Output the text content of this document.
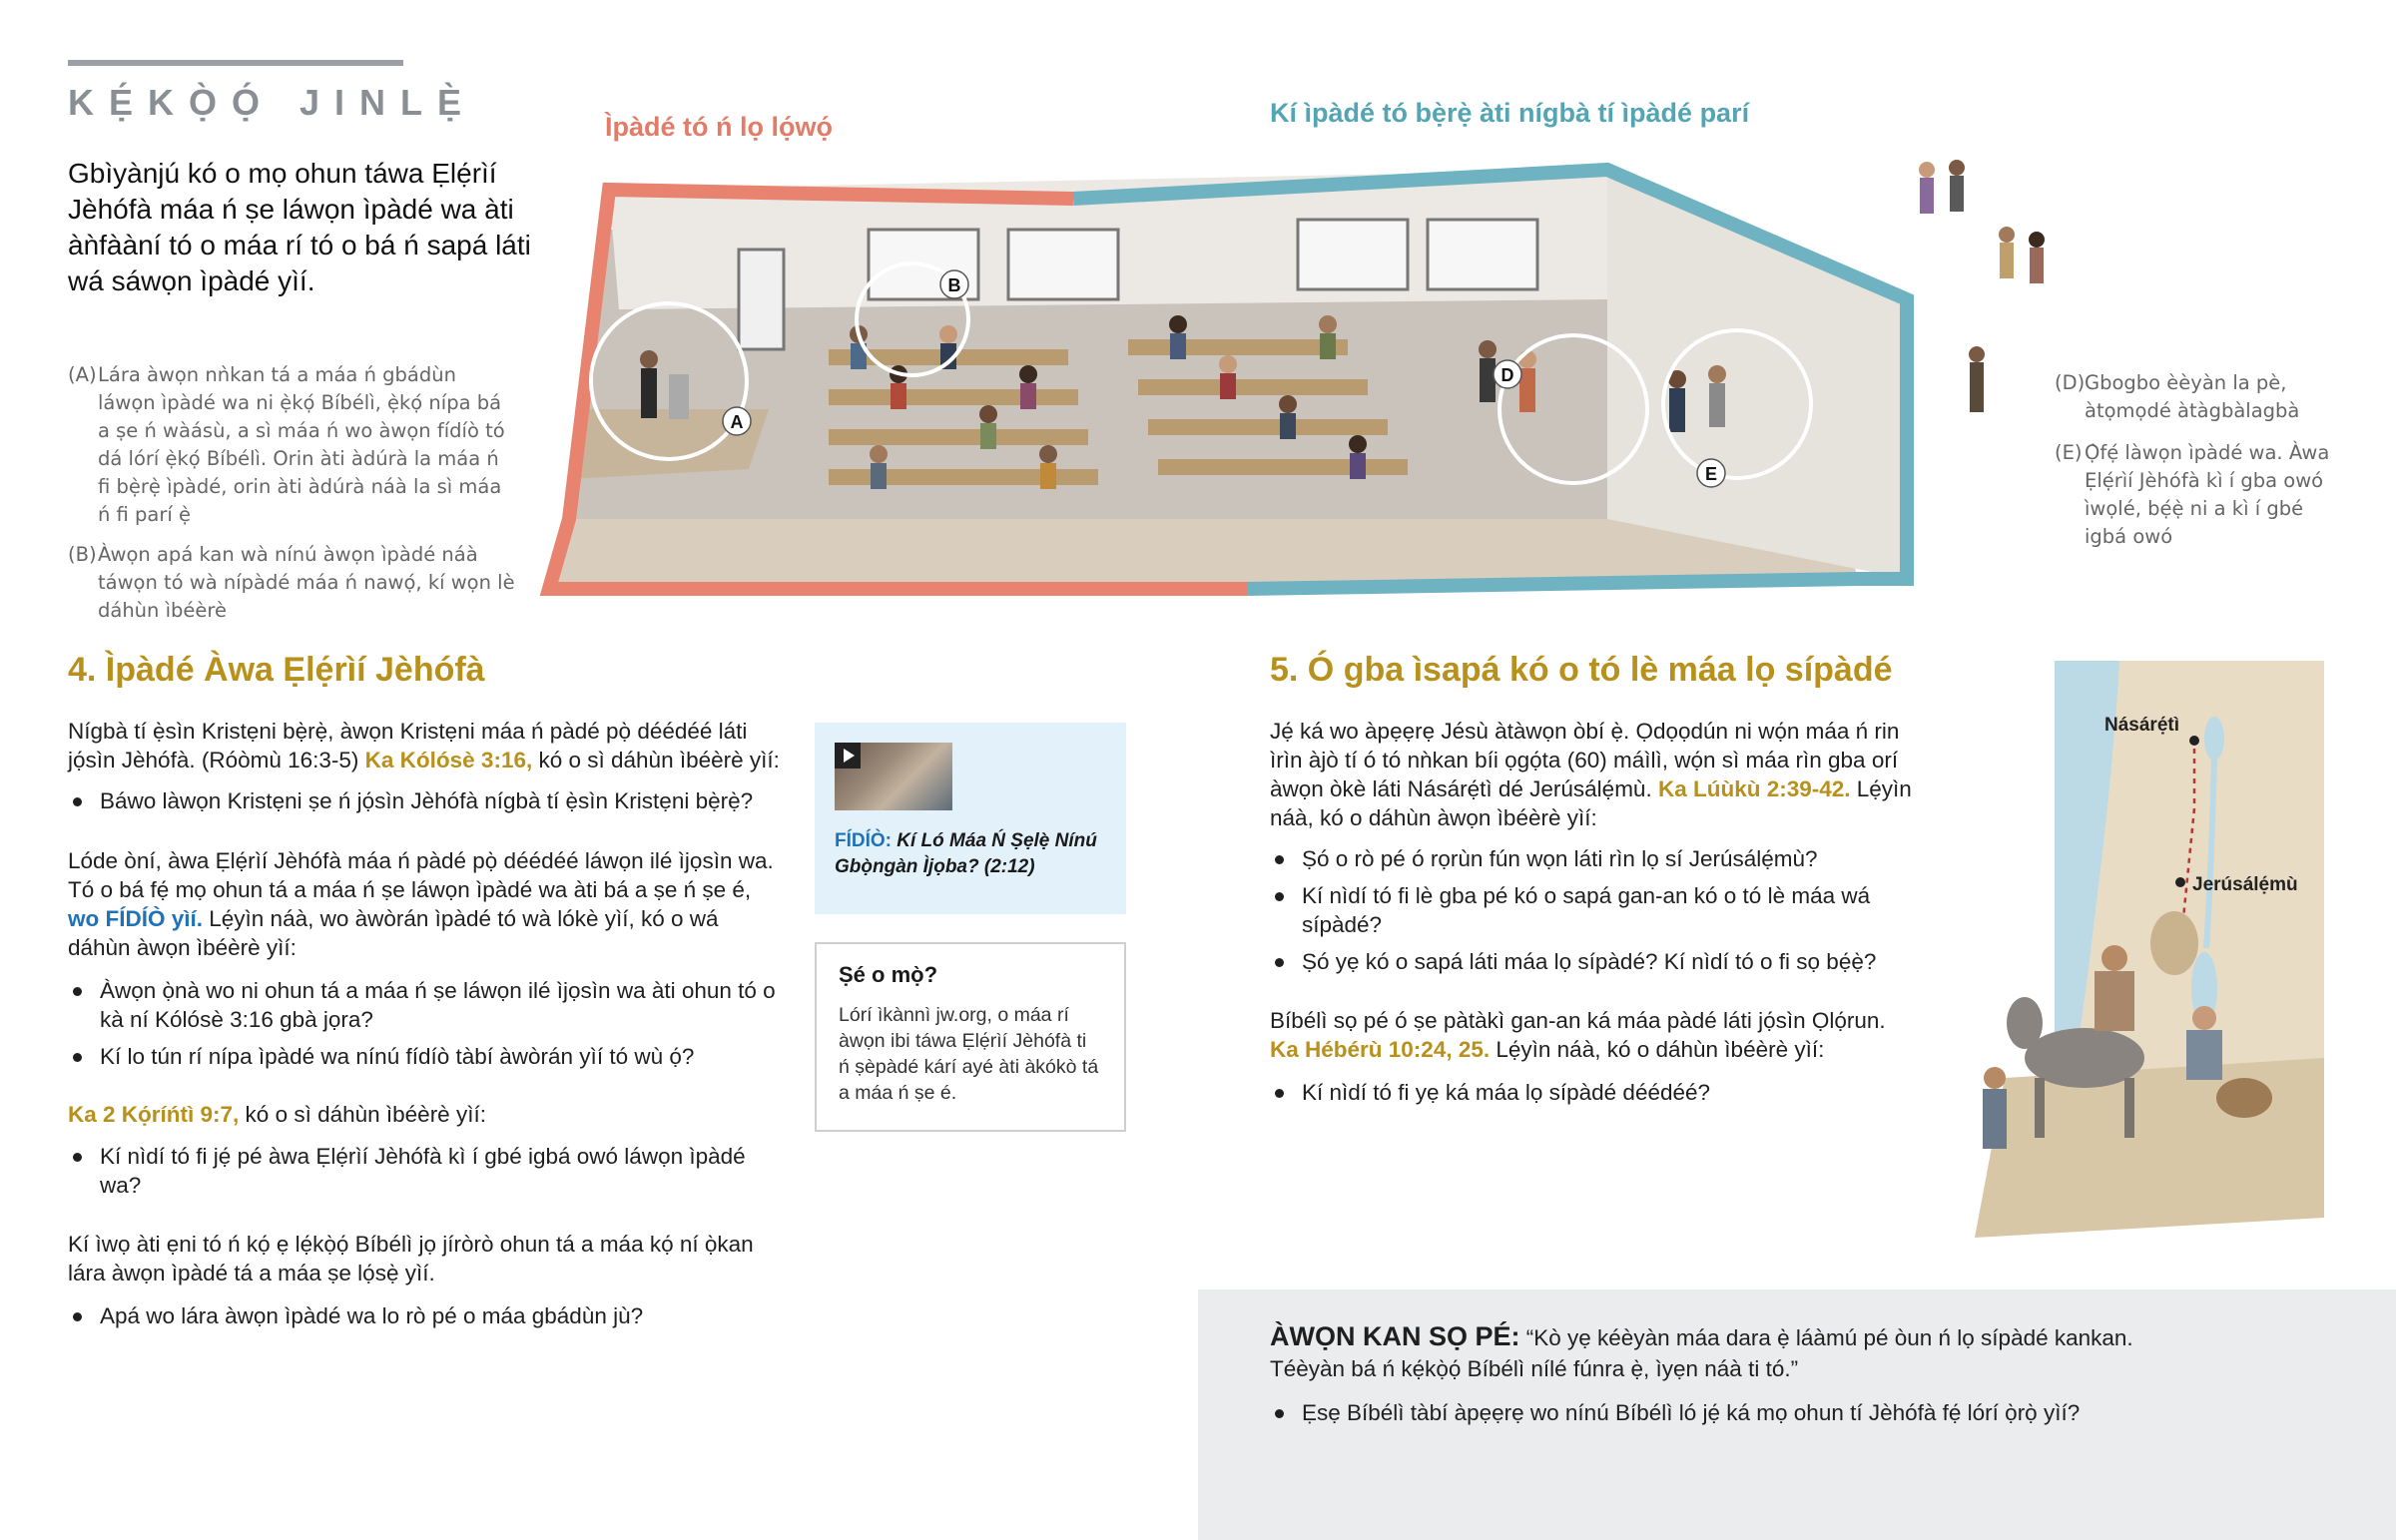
KẸ́KỌ̀Ọ́ JINLẸ̀
Gbìyànjú kó o mọ ohun táwa Ẹlẹ́rìí Jèhófà máa ń ṣe láwọn ìpàdé wa àti àǹfààní tó o máa rí tó o bá ń sapá láti wá sáwọn ìpàdé yìí.
Ìpàdé tó ń lọ lọ́wọ́	Kí ìpàdé tó bẹ̀rẹ̀ àti nígbà tí ìpàdé parí
(A) Lára àwọn nǹkan tá a máa ń gbádùn láwọn ìpàdé wa ni ẹ̀kọ́ Bíbélì, ẹ̀kọ́ nípa bá a ṣe ń wàásù, a sì máa ń wo àwọn fídíò tó dá lórí ẹ̀kọ́ Bíbélì. Orin àti àdúrà la máa ń fi bẹ̀rẹ̀ ìpàdé, orin àti àdúrà náà la sì máa ń fi parí ẹ̀
(B) Àwọn apá kan wà nínú àwọn ìpàdé náà táwọn tó wà nípàdé máa ń nawọ́, kí wọn lè dáhùn ìbéèrè
(D) Gbogbo èèyàn la pè, àtọmọdé àtàgbàlagbà
(E) Ọ̀fẹ́ làwọn ìpàdé wa. Àwa Ẹlẹ́rìí Jèhófà kì í gba owó ìwọlé, bẹ́ẹ̀ ni a kì í gbé igbá owó
A
B
D
E
4. Ìpàdé Àwa Ẹlẹ́rìí Jèhófà

Nígbà tí ẹ̀sìn Kristẹni bẹ̀rẹ̀, àwọn Kristẹni máa ń pàdé pọ̀ déédéé láti jọ́sìn Jèhófà. (Róòmù 16:3-5) Ka Kólósè 3:16, kó o sì dáhùn ìbéèrè yìí:

Báwo làwọn Kristẹni ṣe ń jọ́sìn Jèhófà nígbà tí ẹ̀sìn Kristẹni bẹ̀rẹ̀?

Lóde òní, àwa Ẹlẹ́rìí Jèhófà máa ń pàdé pọ̀ déédéé láwọn ilé ìjọsìn wa. Tó o bá fẹ́ mọ ohun tá a máa ń ṣe láwọn ìpàdé wa àti bá a ṣe ń ṣe é, wo FÍDÍÒ yìí. Lẹ́yìn náà, wo àwòrán ìpàdé tó wà lókè yìí, kó o wá dáhùn àwọn ìbéèrè yìí:

Àwọn ọ̀nà wo ni ohun tá a máa ń ṣe láwọn ilé ìjọsìn wa àti ohun tó o kà ní Kólósè 3:16 gbà jọra?
Kí lo tún rí nípa ìpàdé wa nínú fídíò tàbí àwòrán yìí tó wù ọ́?

Ka 2 Kọ́ríńtì 9:7, kó o sì dáhùn ìbéèrè yìí:

Kí nìdí tó fi jẹ́ pé àwa Ẹlẹ́rìí Jèhófà kì í gbé igbá owó láwọn ìpàdé wa?

Kí ìwọ àti ẹni tó ń kọ́ ẹ lẹ́kọ̀ọ́ Bíbélì jọ jíròrò ohun tá a máa kọ́ ní ọ̀kan lára àwọn ìpàdé tá a máa ṣe lọ́sẹ̀ yìí.

Apá wo lára àwọn ìpàdé wa lo rò pé o máa gbádùn jù?
FÍDÍÒ: Kí Ló Máa Ń Ṣẹlẹ̀ Nínú Gbọ̀ngàn Ìjọba? (2:12)
Ṣé o mọ̀?
Lórí ìkànnì jw.org, o máa rí àwọn ibi táwa Ẹlẹ́rìí Jèhófà ti ń ṣèpàdé kárí ayé àti àkókò tá a máa ń ṣe é.
5. Ó gba ìsapá kó o tó lè máa lọ sípàdé

Jẹ́ ká wo àpẹẹrẹ Jésù àtàwọn òbí ẹ̀. Ọdọọdún ni wọ́n máa ń rin ìrìn àjò tí ó tó nǹkan bíi ọgọ́ta (60) máìlì, wọ́n sì máa rìn gba orí àwọn òkè láti Násárẹ́tì dé Jerúsálẹ́mù. Ka Lúùkù 2:39-42. Lẹ́yìn náà, kó o dáhùn àwọn ìbéèrè yìí:

Ṣó o rò pé ó rọrùn fún wọn láti rìn lọ sí Jerúsálẹ́mù?
Kí nìdí tó fi lè gba pé kó o sapá gan-an kó o tó lè máa wá sípàdé?
Ṣó yẹ kó o sapá láti máa lọ sípàdé? Kí nìdí tó o fi sọ bẹ́ẹ̀?

Bíbélì sọ pé ó ṣe pàtàkì gan-an ká máa pàdé láti jọ́sìn Ọlọ́run. Ka Hébérù 10:24, 25. Lẹ́yìn náà, kó o dáhùn ìbéèrè yìí:

Kí nìdí tó fi yẹ ká máa lọ sípàdé déédéé?
Násárẹ́tì
Jerúsálẹ́mù

ÀWỌN KAN SỌ PÉ: “Kò yẹ kéèyàn máa dara ẹ̀ láàmú pé òun ń lọ sípàdé kankan. Téèyàn bá ń kẹ́kọ̀ọ́ Bíbélì nílé fúnra ẹ̀, ìyẹn náà ti tó.”

Ẹsẹ Bíbélì tàbí àpẹẹrẹ wo nínú Bíbélì ló jẹ́ ká mọ ohun tí Jèhófà fẹ́ lórí ọ̀rọ̀ yìí?
